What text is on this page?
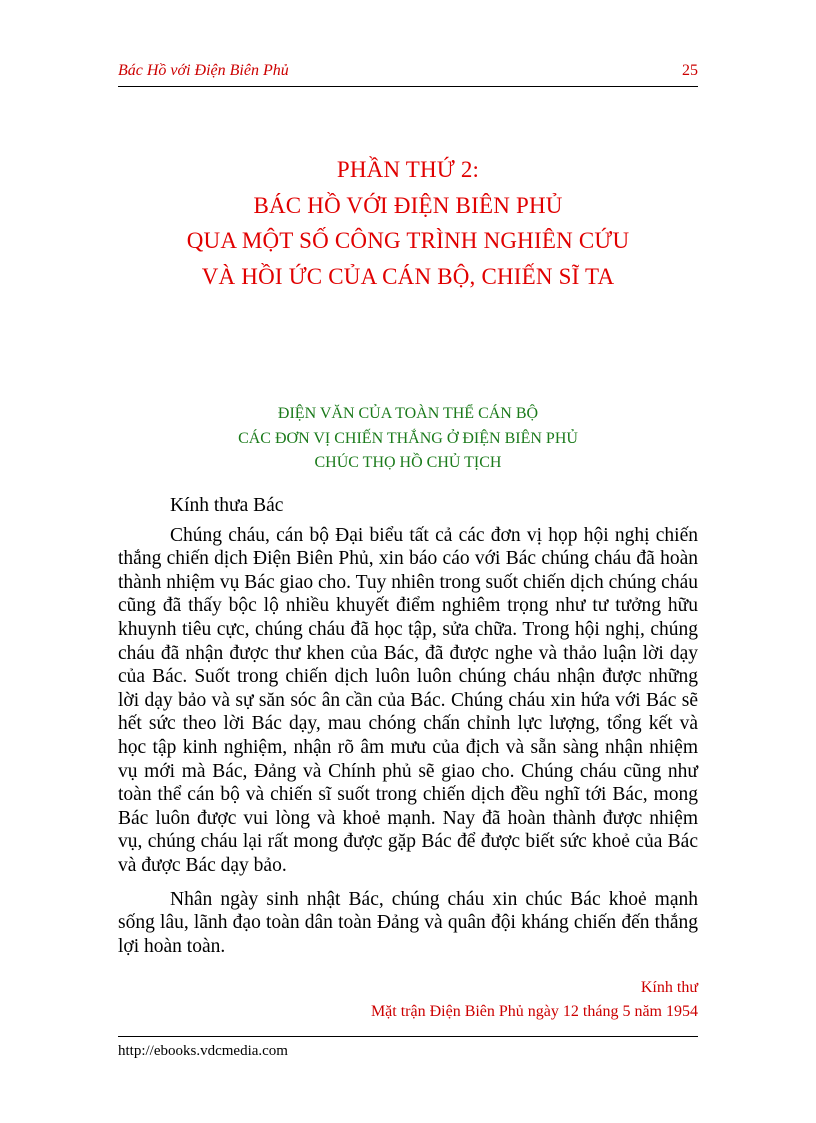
Bác Hồ với Điện Biên Phủ	25
PHẦN THỨ 2:
BÁC HỒ VỚI ĐIỆN BIÊN PHỦ
QUA MỘT SỐ CÔNG TRÌNH NGHIÊN CỨU
VÀ HỒI ỨC CỦA CÁN BỘ, CHIẾN SĨ TA
ĐIỆN VĂN CỦA TOÀN THỂ CÁN BỘ
CÁC ĐƠN VỊ CHIẾN THẮNG Ở ĐIỆN BIÊN PHỦ
CHÚC THỌ HỒ CHỦ TỊCH

Kính thưa Bác

Chúng cháu, cán bộ Đại biểu tất cả các đơn vị họp hội nghị chiến thắng chiến dịch Điện Biên Phủ, xin báo cáo với Bác chúng cháu đã hoàn thành nhiệm vụ Bác giao cho. Tuy nhiên trong suốt chiến dịch chúng cháu cũng đã thấy bộc lộ nhiều khuyết điểm nghiêm trọng như tư tưởng hữu khuynh tiêu cực, chúng cháu đã học tập, sửa chữa. Trong hội nghị, chúng cháu đã nhận được thư khen của Bác, đã được nghe và thảo luận lời dạy của Bác. Suốt trong chiến dịch luôn luôn chúng cháu nhận được những lời dạy bảo và sự săn sóc ân cần của Bác. Chúng cháu xin hứa với Bác sẽ hết sức theo lời Bác dạy, mau chóng chấn chỉnh lực lượng, tổng kết và học tập kinh nghiệm, nhận rõ âm mưu của địch và sẵn sàng nhận nhiệm vụ mới mà Bác, Đảng và Chính phủ sẽ giao cho. Chúng cháu cũng như toàn thể cán bộ và chiến sĩ suốt trong chiến dịch đều nghĩ tới Bác, mong Bác luôn được vui lòng và khoẻ mạnh. Nay đã hoàn thành được nhiệm vụ, chúng cháu lại rất mong được gặp Bác để được biết sức khoẻ của Bác và được Bác dạy bảo.

Nhân ngày sinh nhật Bác, chúng cháu xin chúc Bác khoẻ mạnh sống lâu, lãnh đạo toàn dân toàn Đảng và quân đội kháng chiến đến thắng lợi hoàn toàn.

Kính thư
Mặt trận Điện Biên Phủ ngày 12 tháng 5 năm 1954
http://ebooks.vdcmedia.com
